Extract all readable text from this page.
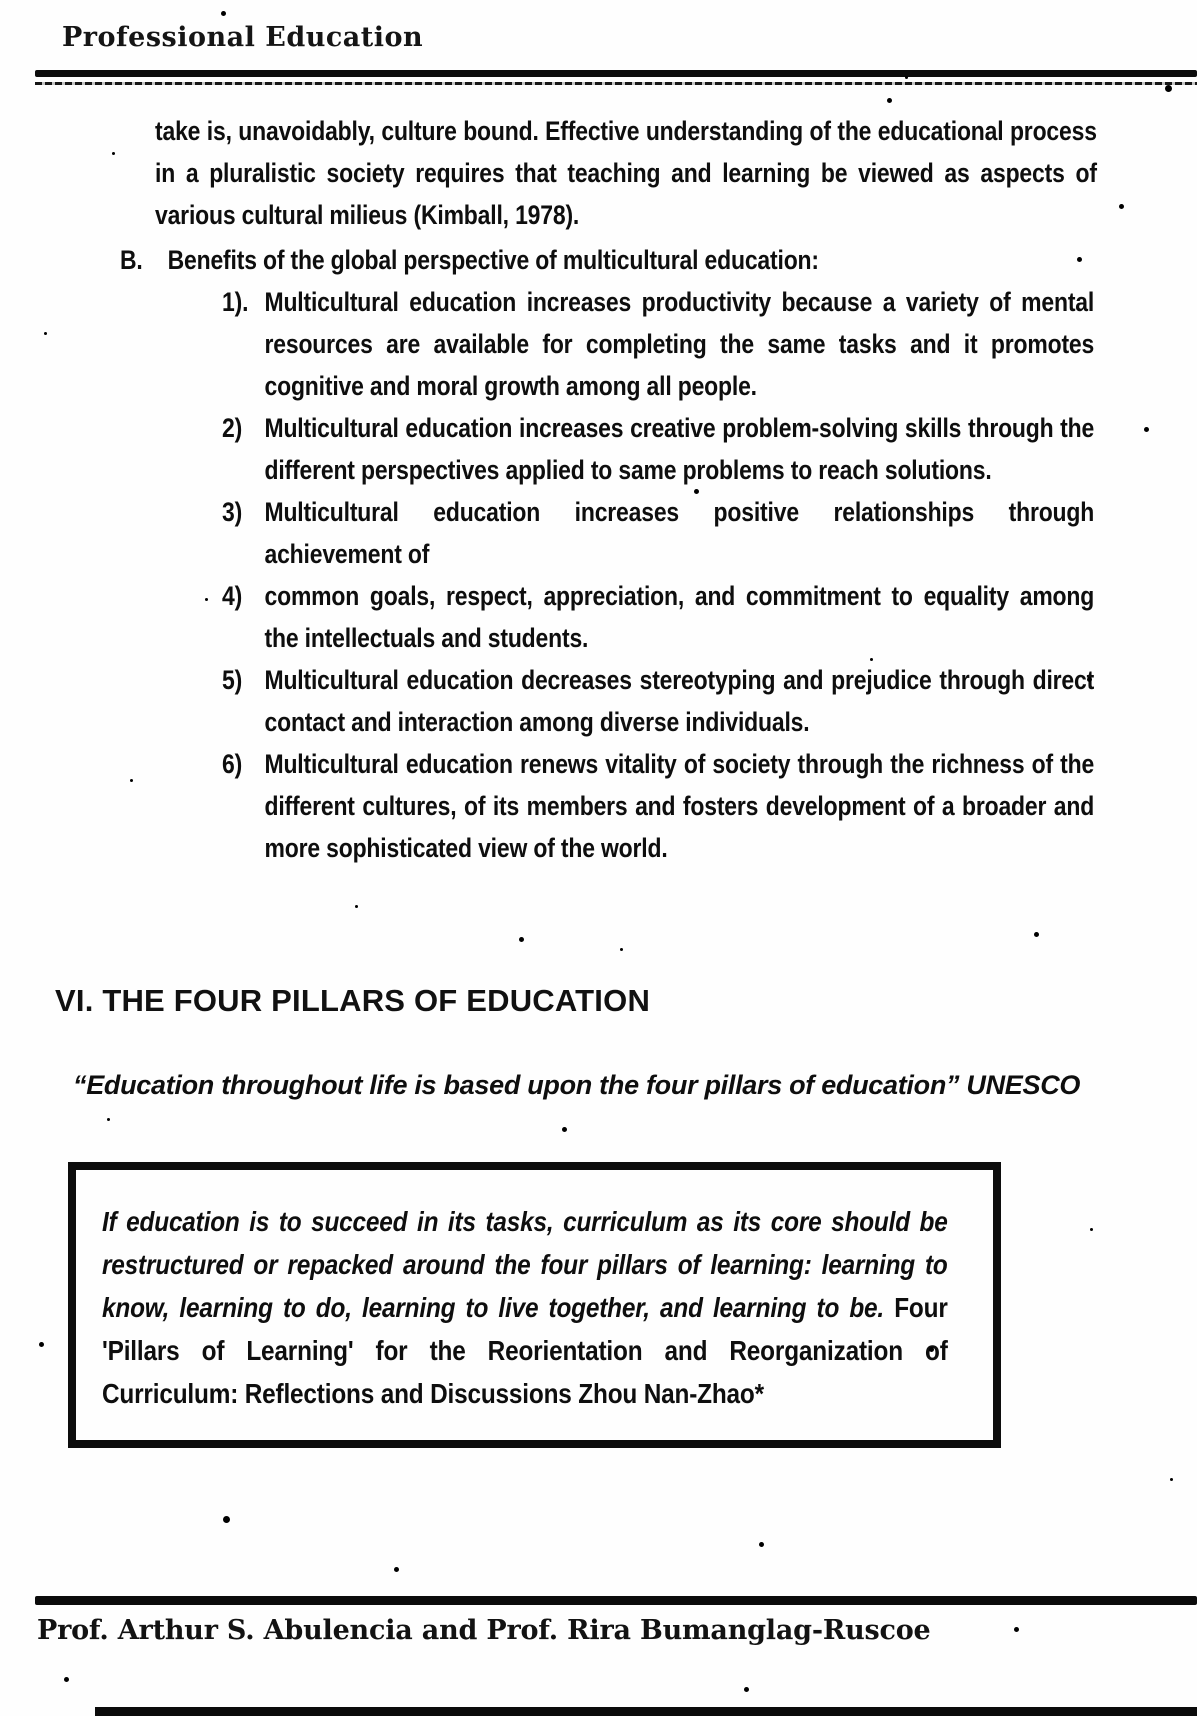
Professional Education
take is, unavoidably, culture bound. Effective understanding of the educational process in a pluralistic society requires that teaching and learning be viewed as aspects of various cultural milieus (Kimball, 1978).
B. Benefits of the global perspective of multicultural education:
1). Multicultural education increases productivity because a variety of mental resources are available for completing the same tasks and it promotes cognitive and moral growth among all people.
2) Multicultural education increases creative problem-solving skills through the different perspectives applied to same problems to reach solutions.
3) Multicultural education increases positive relationships through achievement of
4) common goals, respect, appreciation, and commitment to equality among the intellectuals and students.
5) Multicultural education decreases stereotyping and prejudice through direct contact and interaction among diverse individuals.
6) Multicultural education renews vitality of society through the richness of the different cultures, of its members and fosters development of a broader and more sophisticated view of the world.
VI. THE FOUR PILLARS OF EDUCATION
“Education throughout life is based upon the four pillars of education” UNESCO
If education is to succeed in its tasks, curriculum as its core should be restructured or repacked around the four pillars of learning: learning to know, learning to do, learning to live together, and learning to be. Four 'Pillars of Learning' for the Reorientation and Reorganization of Curriculum: Reflections and Discussions Zhou Nan-Zhao*
Prof. Arthur S. Abulencia and Prof. Rira Bumanglag-Ruscoe
